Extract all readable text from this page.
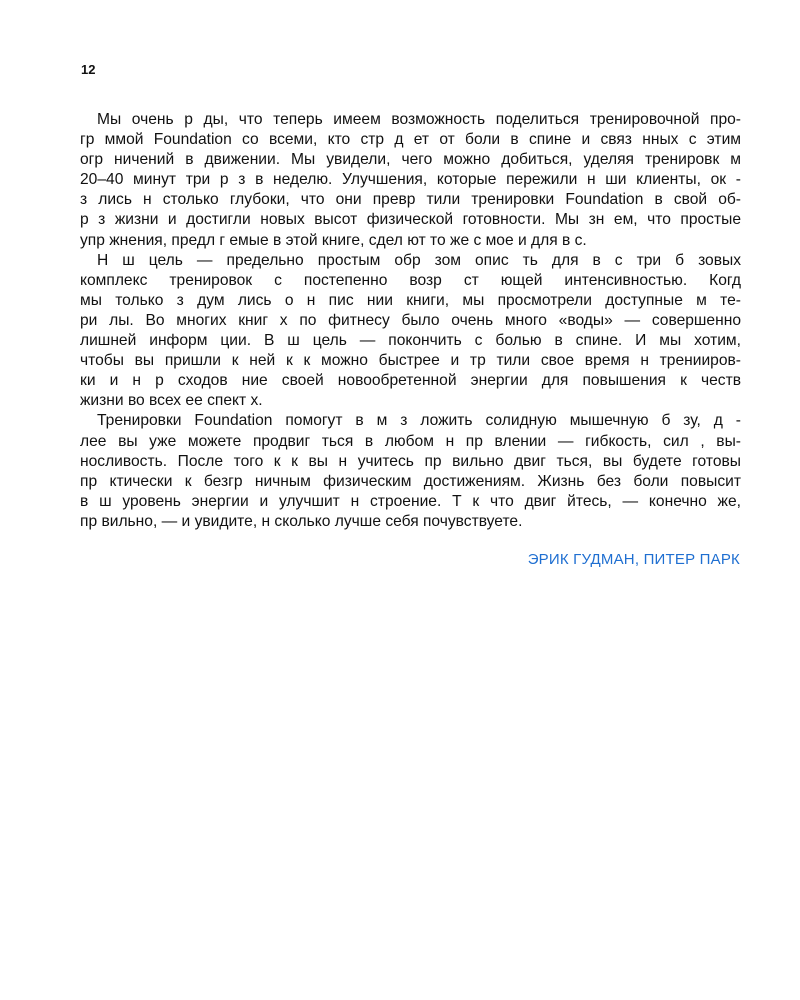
12
Мы очень р ды, что теперь имеем возможность поделиться тренировочной про-
гр ммой Foundation со всеми, кто стр д ет от боли в спине и связ нных с этим
огр ничений в движении. Мы увидели, чего можно добиться, уделяя тренировк м
20–40 минут три р з в неделю. Улучшения, которые пережили н ши клиенты, ок -
з лись н столько глубоки, что они превр тили тренировки Foundation в свой об-
р з жизни и достигли новых высот физической готовности. Мы зн ем, что простые
упр жнения, предл г емые в этой книге, сдел ют то же с мое и для в с.
Н ш цель — предельно простым обр зом опис ть для в с три б зовых
комплекс тренировок с постепенно возр ст ющей интенсивностью. Когд
мы только з дум лись о н пис нии книги, мы просмотрели доступные м те-
ри лы. Во многих книг х по фитнесу было очень много «воды» — совершенно
лишней информ ции. В ш цель — покончить с болью в спине. И мы хотим,
чтобы вы пришли к ней к к можно быстрее и тр тили свое время н тренииров-
ки и н р сходов ние своей новообретенной энергии для повышения к честв
жизни во всех ее спект х.
Тренировки Foundation помогут в м з ложить солидную мышечную б зу, д -
лее вы уже можете продвиг ться в любом н пр влении — гибкость, сил , вы-
носливость. После того к к вы н учитесь пр вильно двиг ться, вы будете готовы
пр ктически к безгр ничным физическим достижениям. Жизнь без боли повысит
в ш уровень энергии и улучшит н строение. Т к что двиг йтесь, — конечно же,
пр вильно, — и увидите, н сколько лучше себя почувствуете.
ЭРИК ГУДМАН, ПИТЕР ПАРК
